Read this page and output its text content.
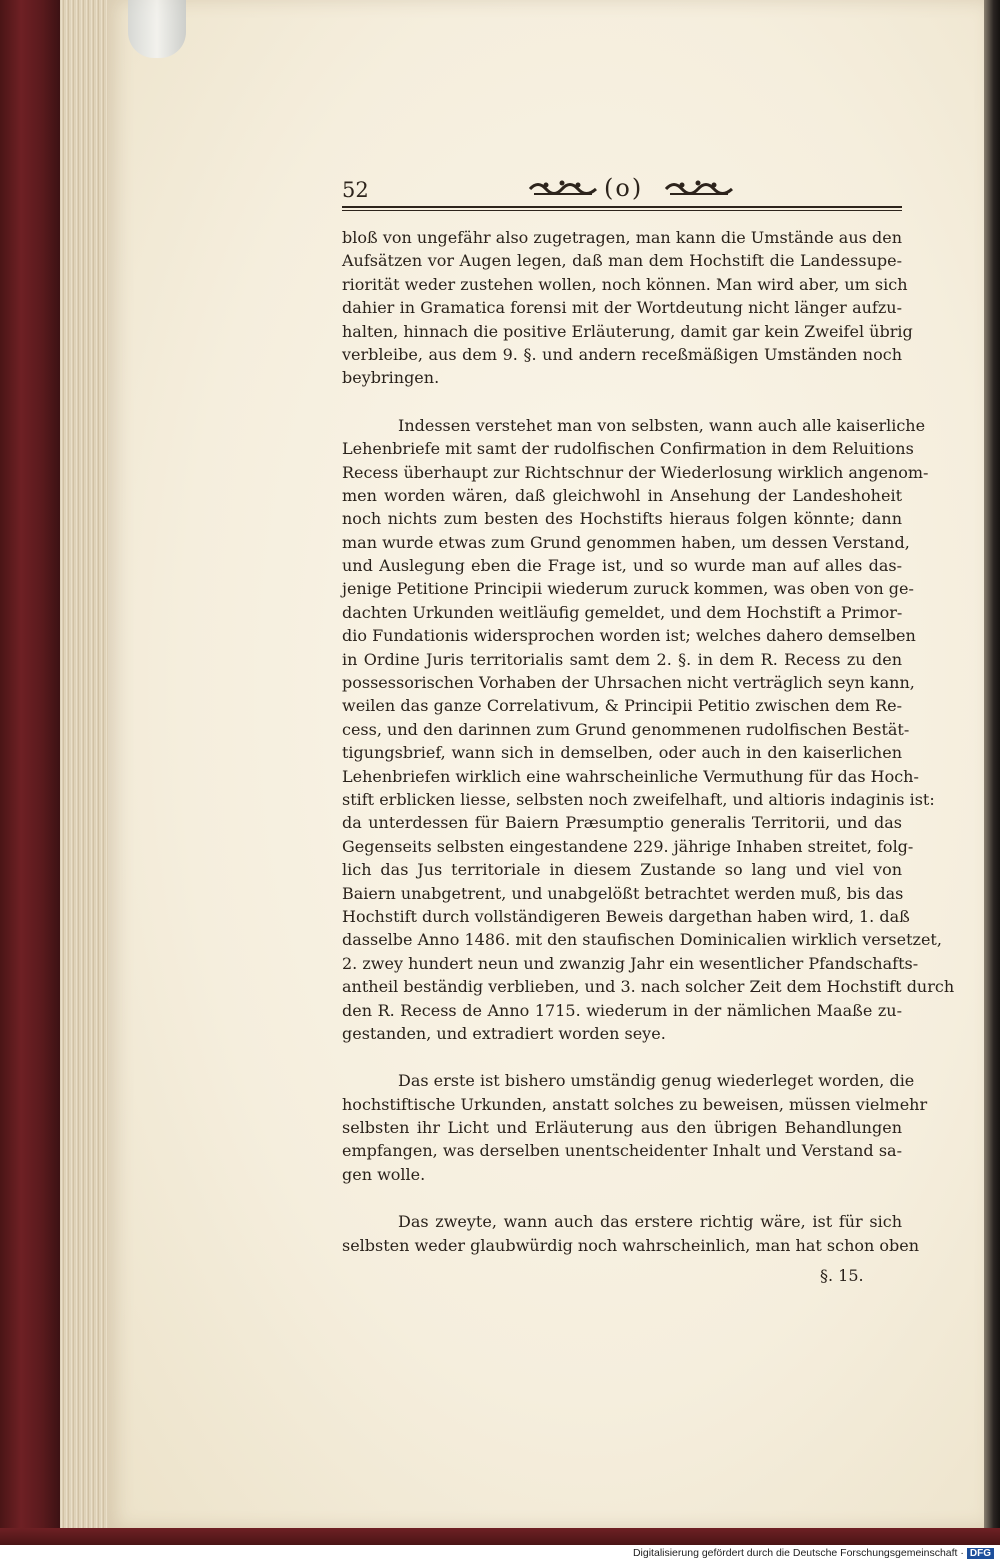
52	(o)
bloß von ungefähr also zugetragen, man kann die Umstände aus den
Aufsätzen vor Augen legen, daß man dem Hochstift die Landessupe-
riorität weder zustehen wollen, noch können. Man wird aber, um sich
dahier in Gramatica forensi mit der Wortdeutung nicht länger aufzu-
halten, hinnach die positive Erläuterung, damit gar kein Zweifel übrig
verbleibe, aus dem 9. §. und andern receßmäßigen Umständen noch
beybringen.
Indessen verstehet man von selbsten, wann auch alle kaiserliche
Lehenbriefe mit samt der rudolfischen Confirmation in dem Reluitions
Recess überhaupt zur Richtschnur der Wiederlosung wirklich angenom-
men worden wären, daß gleichwohl in Ansehung der Landeshoheit
noch nichts zum besten des Hochstifts hieraus folgen könnte; dann
man wurde etwas zum Grund genommen haben, um dessen Verstand,
und Auslegung eben die Frage ist, und so wurde man auf alles das-
jenige Petitione Principii wiederum zuruck kommen, was oben von ge-
dachten Urkunden weitläufig gemeldet, und dem Hochstift a Primor-
dio Fundationis widersprochen worden ist; welches dahero demselben
in Ordine Juris territorialis samt dem 2. §. in dem R. Recess zu den
possessorischen Vorhaben der Uhrsachen nicht verträglich seyn kann,
weilen das ganze Correlativum, & Principii Petitio zwischen dem Re-
cess, und den darinnen zum Grund genommenen rudolfischen Bestät-
tigungsbrief, wann sich in demselben, oder auch in den kaiserlichen
Lehenbriefen wirklich eine wahrscheinliche Vermuthung für das Hoch-
stift erblicken liesse, selbsten noch zweifelhaft, und altioris indaginis ist:
da unterdessen für Baiern Præsumptio generalis Territorii, und das
Gegenseits selbsten eingestandene 229. jährige Inhaben streitet, folg-
lich das Jus territoriale in diesem Zustande so lang und viel von
Baiern unabgetrent, und unabgelößt betrachtet werden muß, bis das
Hochstift durch vollständigeren Beweis dargethan haben wird, 1. daß
dasselbe Anno 1486. mit den staufischen Dominicalien wirklich versetzet,
2. zwey hundert neun und zwanzig Jahr ein wesentlicher Pfandschafts-
antheil beständig verblieben, und 3. nach solcher Zeit dem Hochstift durch
den R. Recess de Anno 1715. wiederum in der nämlichen Maaße zu-
gestanden, und extradiert worden seye.
Das erste ist bishero umständig genug wiederleget worden, die
hochstiftische Urkunden, anstatt solches zu beweisen, müssen vielmehr
selbsten ihr Licht und Erläuterung aus den übrigen Behandlungen
empfangen, was derselben unentscheidenter Inhalt und Verstand sa-
gen wolle.
Das zweyte, wann auch das erstere richtig wäre, ist für sich
selbsten weder glaubwürdig noch wahrscheinlich, man hat schon oben
§. 15.
Digitalisierung gefördert durch die Deutsche Forschungsgemeinschaft · DFG
